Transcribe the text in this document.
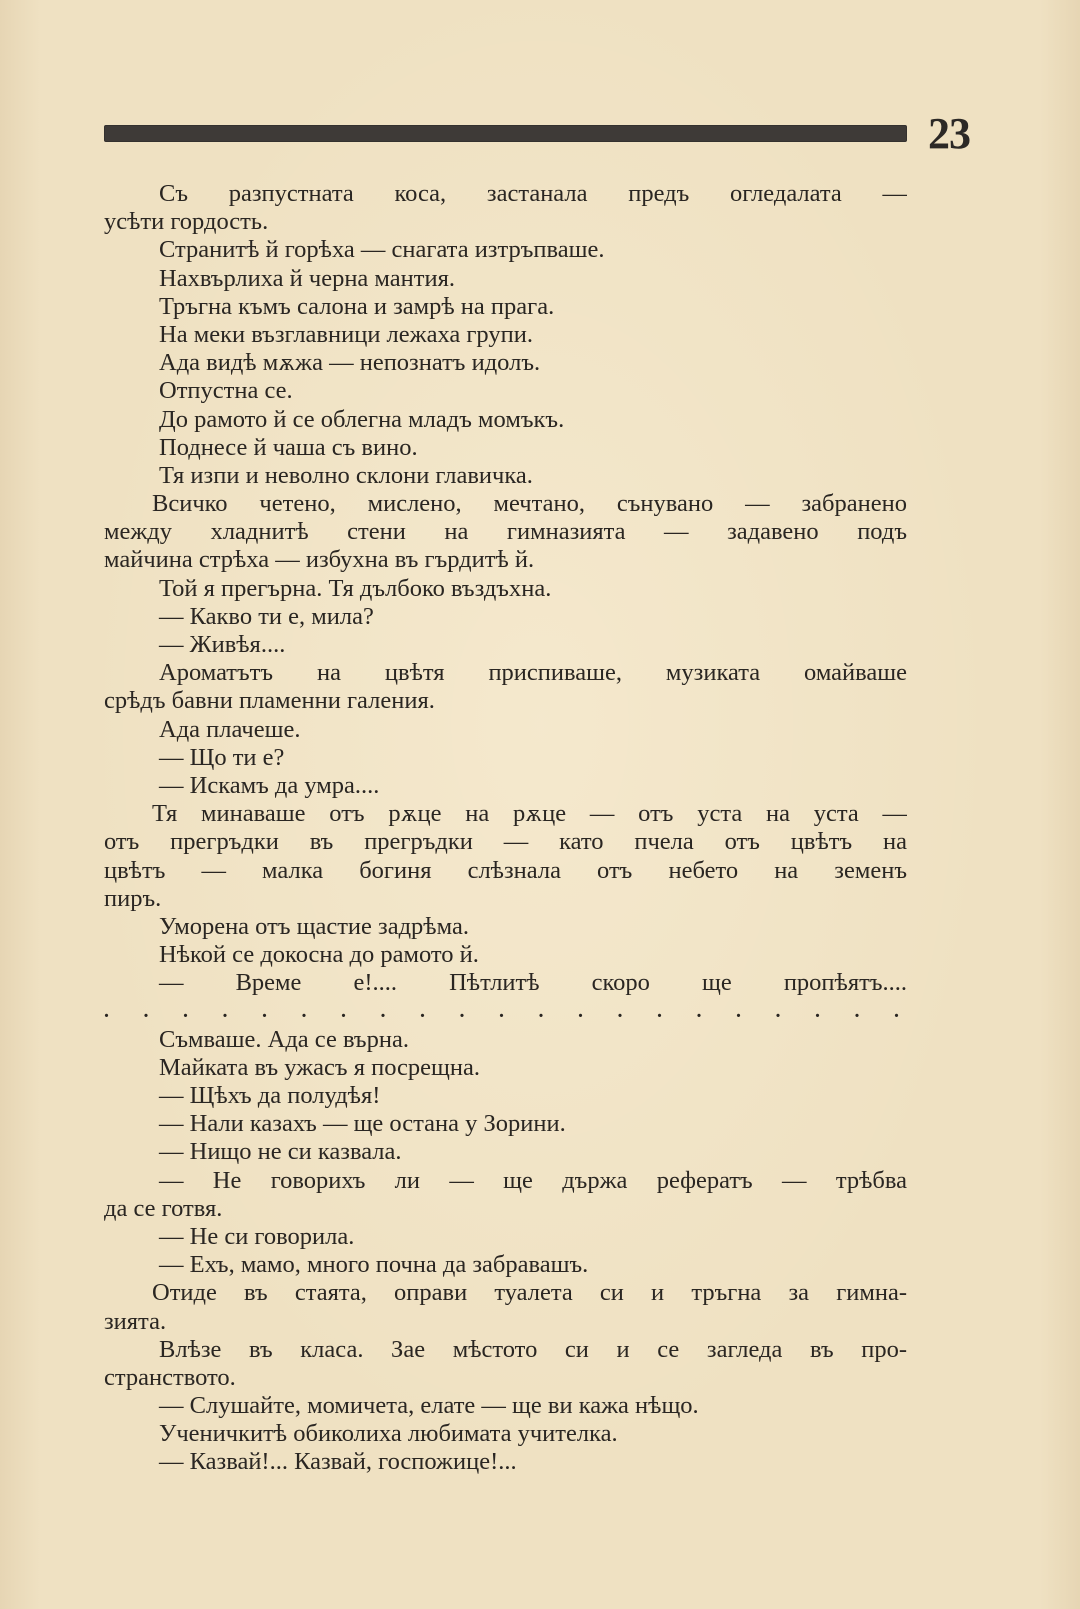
23
Съ разпустната коса, застанала предъ огледалата —
усѣти гордость.
Странитѣ й горѣха — снагата изтръпваше.
Нахвърлиха й черна мантия.
Тръгна къмъ салона и замрѣ на прага.
На меки възглавници лежаха групи.
Ада видѣ мѫжа — непознатъ идолъ.
Отпустна се.
До рамото й се облегна младъ момъкъ.
Поднесе й чаша съ вино.
Тя изпи и неволно склони главичка.
Всичко четено, мислено, мечтано, сънувано — забранено
между хладнитѣ стени на гимназията — задавено подъ
майчина стрѣха — избухна въ гърдитѣ й.
Той я прегърна. Тя дълбоко въздъхна.
— Какво ти е, мила?
— Живѣя....
Ароматътъ на цвѣтя приспиваше, музиката омайваше
срѣдъ бавни пламенни галения.
Ада плачеше.
— Що ти е?
— Искамъ да умра....
Тя минаваше отъ рѫце на рѫце — отъ уста на уста —
отъ прегръдки въ прегръдки — като пчела отъ цвѣтъ на
цвѣтъ — малка богиня слѣзнала отъ небето на земенъ
пиръ.
Уморена отъ щастие задрѣма.
Нѣкой се докосна до рамото й.
— Време е!.... Пѣтлитѣ скоро ще пропѣятъ....
. . . . . . . . . . . . . . . . . . . . .
Съмваше. Ада се върна.
Майката въ ужасъ я посрещна.
— Щѣхъ да полудѣя!
— Нали казахъ — ще остана у Зорини.
— Нищо не си казвала.
— Не говорихъ ли — ще държа рефератъ — трѣбва
да се готвя.
— Не си говорила.
— Ехъ, мамо, много почна да забравашъ.
Отиде въ стаята, оправи туалета си и тръгна за гимна-
зията.
Влѣзе въ класа. Зае мѣстото си и се загледа въ про-
странството.
— Слушайте, момичета, елате — ще ви кажа нѣщо.
Ученичкитѣ обиколиха любимата учителка.
— Казвай!... Казвай, госпожице!...
